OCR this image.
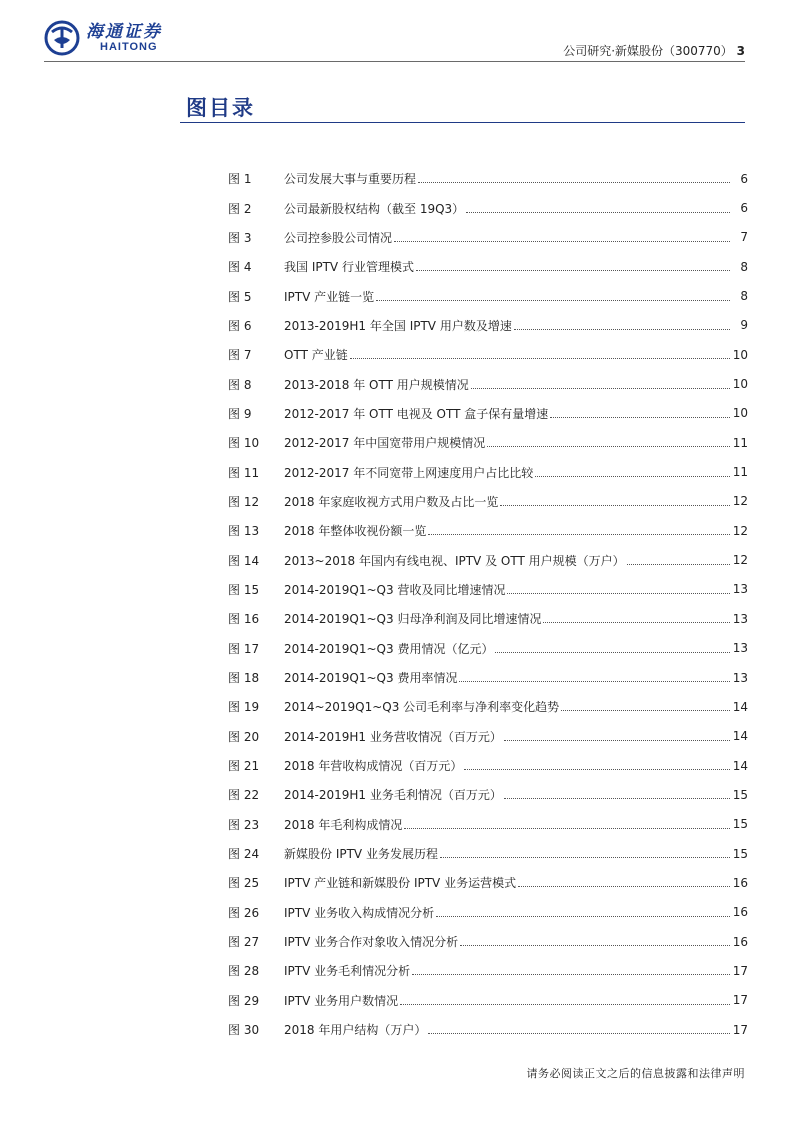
海通证券
HAITONG	公司研究·新媒股份（300770） 3
图目录
图 1	公司发展大事与重要历程	6
图 2	公司最新股权结构（截至 19Q3）	6
图 3	公司控参股公司情况	7
图 4	我国 IPTV 行业管理模式	8
图 5	IPTV 产业链一览	8
图 6	2013-2019H1 年全国 IPTV 用户数及增速	9
图 7	OTT 产业链	10
图 8	2013-2018 年 OTT 用户规模情况	10
图 9	2012-2017 年 OTT 电视及 OTT 盒子保有量增速	10
图 10	2012-2017 年中国宽带用户规模情况	11
图 11	2012-2017 年不同宽带上网速度用户占比比较	11
图 12	2018 年家庭收视方式用户数及占比一览	12
图 13	2018 年整体收视份额一览	12
图 14	2013~2018 年国内有线电视、IPTV 及 OTT 用户规模（万户）	12
图 15	2014-2019Q1~Q3 营收及同比增速情况	13
图 16	2014-2019Q1~Q3 归母净利润及同比增速情况	13
图 17	2014-2019Q1~Q3 费用情况（亿元）	13
图 18	2014-2019Q1~Q3 费用率情况	13
图 19	2014~2019Q1~Q3 公司毛利率与净利率变化趋势	14
图 20	2014-2019H1 业务营收情况（百万元）	14
图 21	2018 年营收构成情况（百万元）	14
图 22	2014-2019H1 业务毛利情况（百万元）	15
图 23	2018 年毛利构成情况	15
图 24	新媒股份 IPTV 业务发展历程	15
图 25	IPTV 产业链和新媒股份 IPTV 业务运营模式	16
图 26	IPTV 业务收入构成情况分析	16
图 27	IPTV 业务合作对象收入情况分析	16
图 28	IPTV 业务毛利情况分析	17
图 29	IPTV 业务用户数情况	17
图 30	2018 年用户结构（万户）	17
请务必阅读正文之后的信息披露和法律声明
